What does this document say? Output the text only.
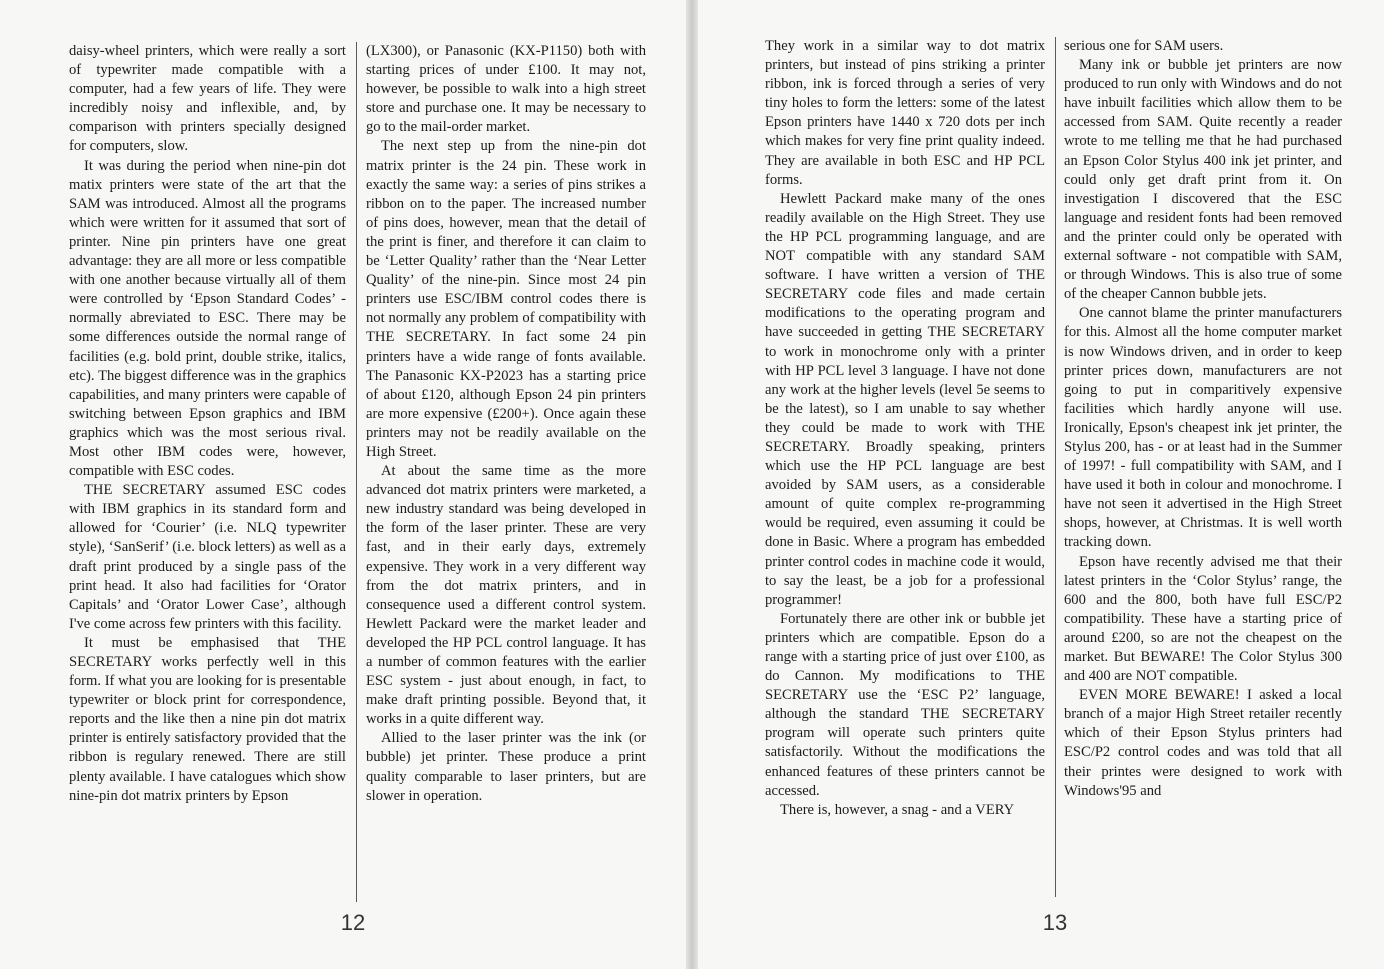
daisy-wheel printers, which were really a sort of typewriter made compatible with a computer, had a few years of life. They were incredibly noisy and inflexible, and, by comparison with printers specially designed for computers, slow.

It was during the period when nine-pin dot matix printers were state of the art that the SAM was introduced. Almost all the programs which were written for it assumed that sort of printer. Nine pin printers have one great advantage: they are all more or less compatible with one another because virtually all of them were controlled by ‘Epson Standard Codes’ - normally abreviated to ESC. There may be some differences outside the normal range of facilities (e.g. bold print, double strike, italics, etc). The biggest difference was in the graphics capabilities, and many printers were capable of switching between Epson graphics and IBM graphics which was the most serious rival. Most other IBM codes were, however, compatible with ESC codes.

THE SECRETARY assumed ESC codes with IBM graphics in its standard form and allowed for ‘Courier’ (i.e. NLQ typewriter style), ‘SanSerif’ (i.e. block letters) as well as a draft print produced by a single pass of the print head. It also had facilities for ‘Orator Capitals’ and ‘Orator Lower Case’, although I've come across few printers with this facility.

It must be emphasised that THE SECRETARY works perfectly well in this form. If what you are looking for is presentable typewriter or block print for correspondence, reports and the like then a nine pin dot matrix printer is entirely satisfactory provided that the ribbon is regulary renewed. There are still plenty available. I have catalogues which show nine-pin dot matrix printers by Epson

(LX300), or Panasonic (KX-P1150) both with starting prices of under £100. It may not, however, be possible to walk into a high street store and purchase one. It may be necessary to go to the mail-order market.

The next step up from the nine-pin dot matrix printer is the 24 pin. These work in exactly the same way: a series of pins strikes a ribbon on to the paper. The increased number of pins does, however, mean that the detail of the print is finer, and therefore it can claim to be ‘Letter Quality’ rather than the ‘Near Letter Quality’ of the nine-pin. Since most 24 pin printers use ESC/IBM control codes there is not normally any problem of compatibility with THE SECRETARY. In fact some 24 pin printers have a wide range of fonts available. The Panasonic KX-P2023 has a starting price of about £120, although Epson 24 pin printers are more expensive (£200+). Once again these printers may not be readily available on the High Street.

At about the same time as the more advanced dot matrix printers were marketed, a new industry standard was being developed in the form of the laser printer. These are very fast, and in their early days, extremely expensive. They work in a very different way from the dot matrix printers, and in consequence used a different control system. Hewlett Packard were the market leader and developed the HP PCL control language. It has a number of common features with the earlier ESC system - just about enough, in fact, to make draft printing possible. Beyond that, it works in a quite different way.

Allied to the laser printer was the ink (or bubble) jet printer. These produce a print quality comparable to laser printers, but are slower in operation.

12

They work in a similar way to dot matrix printers, but instead of pins striking a printer ribbon, ink is forced through a series of very tiny holes to form the letters: some of the latest Epson printers have 1440 x 720 dots per inch which makes for very fine print quality indeed. They are available in both ESC and HP PCL forms.

Hewlett Packard make many of the ones readily available on the High Street. They use the HP PCL programming language, and are NOT compatible with any standard SAM software. I have written a version of THE SECRETARY code files and made certain modifications to the operating program and have succeeded in getting THE SECRETARY to work in monochrome only with a printer with HP PCL level 3 language. I have not done any work at the higher levels (level 5e seems to be the latest), so I am unable to say whether they could be made to work with THE SECRETARY. Broadly speaking, printers which use the HP PCL language are best avoided by SAM users, as a considerable amount of quite complex re-programming would be required, even assuming it could be done in Basic. Where a program has embedded printer control codes in machine code it would, to say the least, be a job for a professional programmer!

Fortunately there are other ink or bubble jet printers which are compatible. Epson do a range with a starting price of just over £100, as do Cannon. My modifications to THE SECRETARY use the ‘ESC P2’ language, although the standard THE SECRETARY program will operate such printers quite satisfactorily. Without the modifications the enhanced features of these printers cannot be accessed.

There is, however, a snag - and a VERY

serious one for SAM users.

Many ink or bubble jet printers are now produced to run only with Windows and do not have inbuilt facilities which allow them to be accessed from SAM. Quite recently a reader wrote to me telling me that he had purchased an Epson Color Stylus 400 ink jet printer, and could only get draft print from it. On investigation I discovered that the ESC language and resident fonts had been removed and the printer could only be operated with external software - not compatible with SAM, or through Windows. This is also true of some of the cheaper Cannon bubble jets.

One cannot blame the printer manufacturers for this. Almost all the home computer market is now Windows driven, and in order to keep printer prices down, manufacturers are not going to put in comparitively expensive facilities which hardly anyone will use. Ironically, Epson's cheapest ink jet printer, the Stylus 200, has - or at least had in the Summer of 1997! - full compatibility with SAM, and I have used it both in colour and monochrome. I have not seen it advertised in the High Street shops, however, at Christmas. It is well worth tracking down.

Epson have recently advised me that their latest printers in the ‘Color Stylus’ range, the 600 and the 800, both have full ESC/P2 compatibility. These have a starting price of around £200, so are not the cheapest on the market. But BEWARE! The Color Stylus 300 and 400 are NOT compatible.

EVEN MORE BEWARE! I asked a local branch of a major High Street retailer recently which of their Epson Stylus printers had ESC/P2 control codes and was told that all their printes were designed to work with Windows'95 and

13
